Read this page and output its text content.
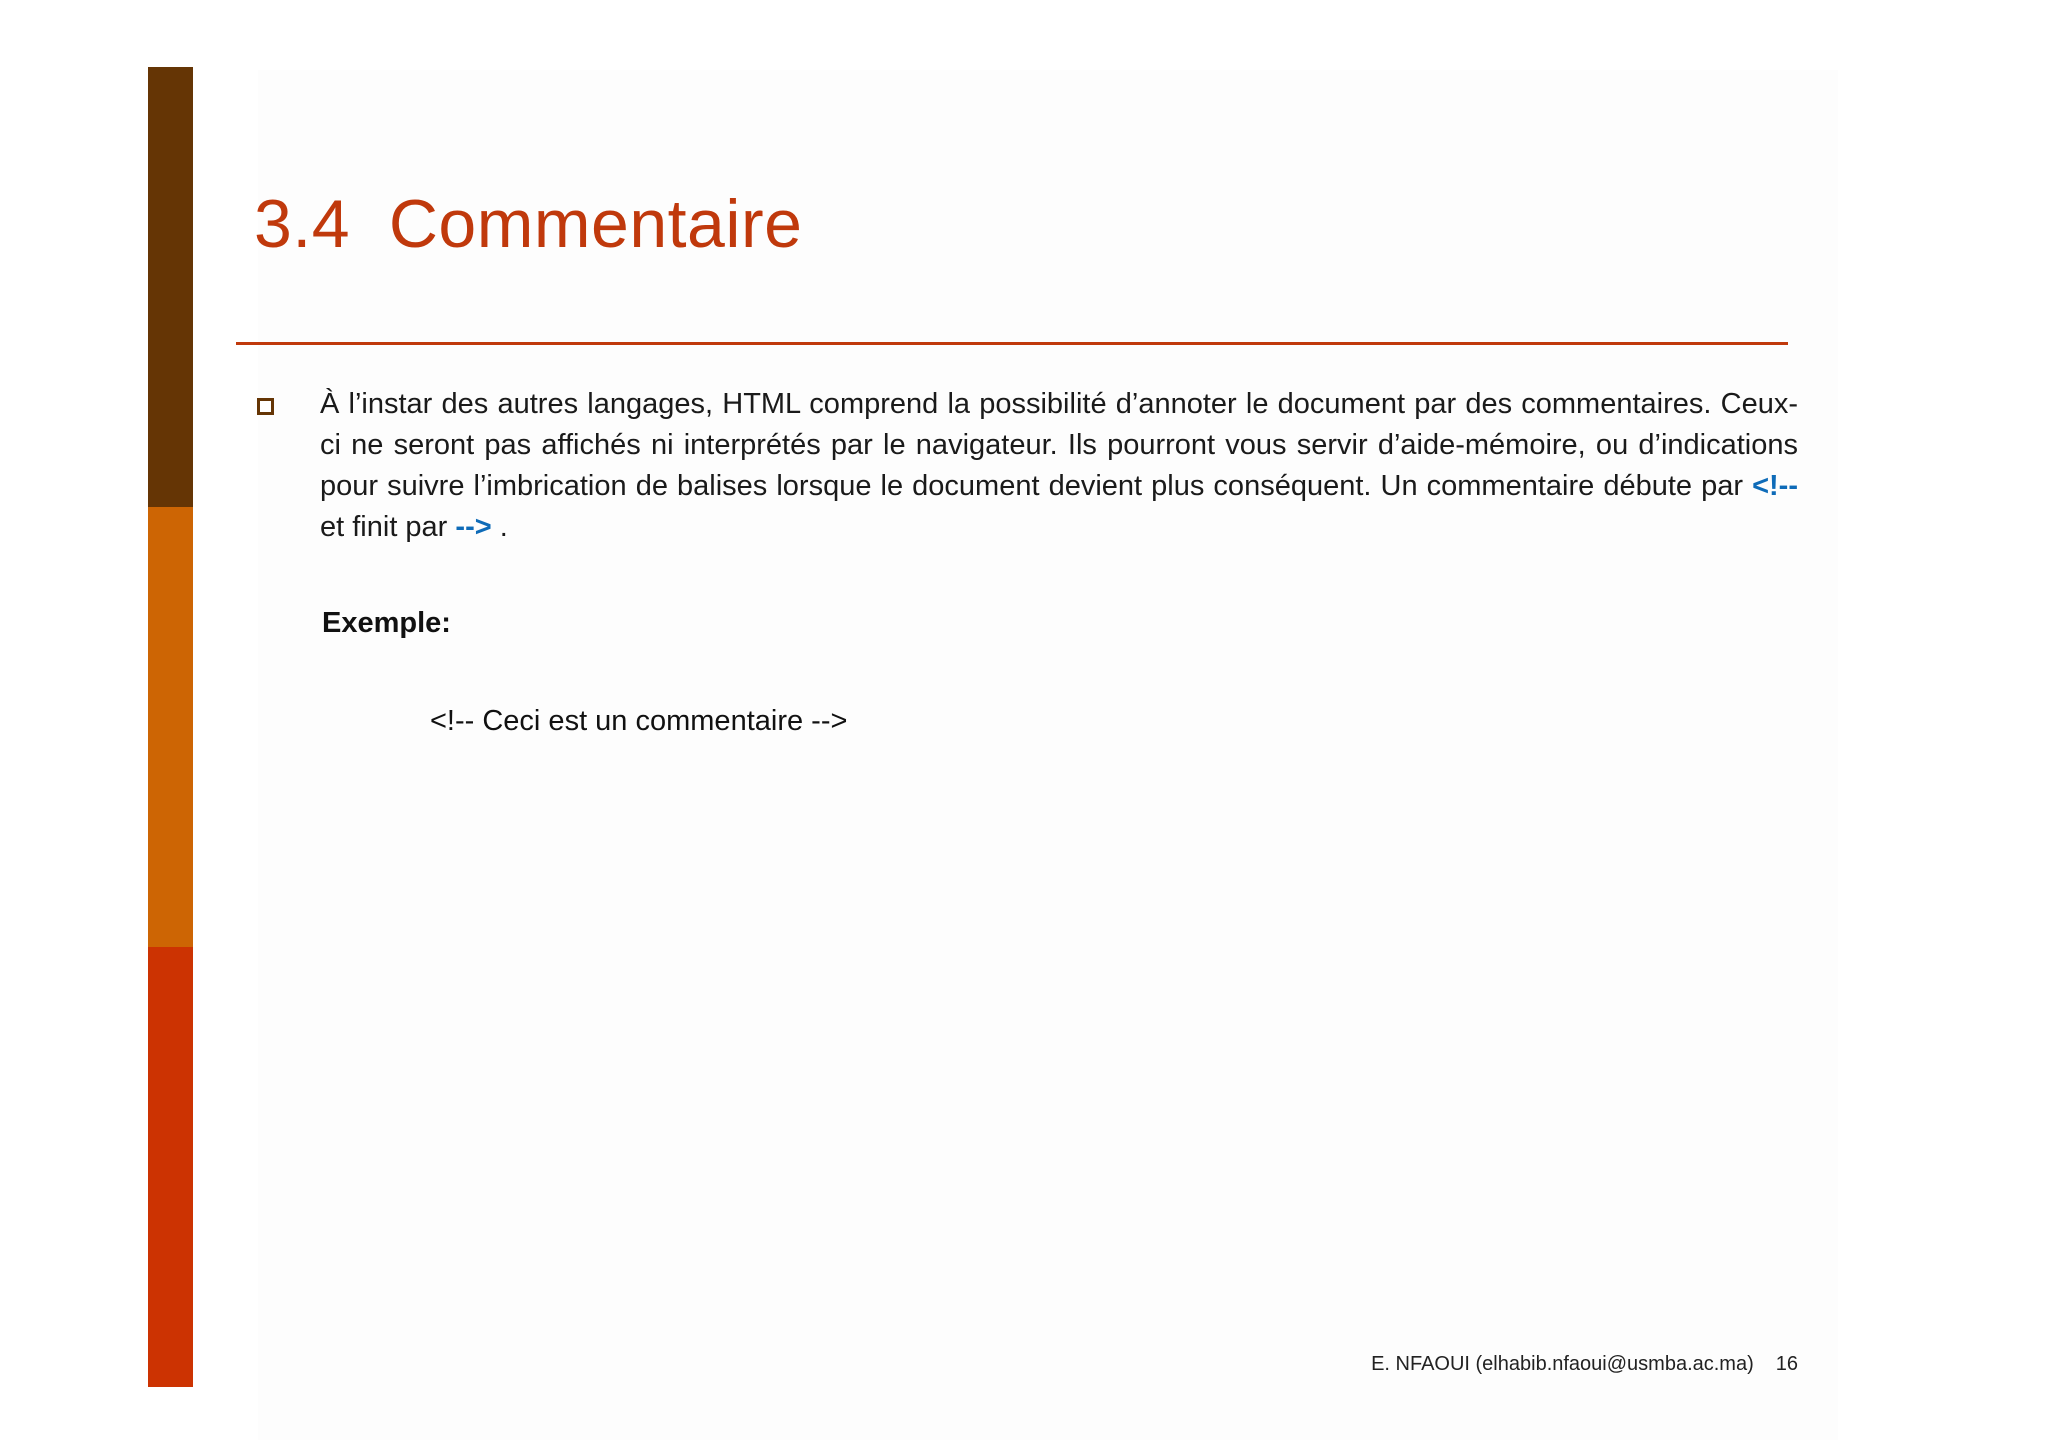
3.4  Commentaire

À l’instar des autres langages, HTML comprend la possibilité d’annoter le document par des commentaires. Ceux-ci ne seront pas affichés ni interprétés par le navigateur. Ils pourront vous servir d’aide-mémoire, ou d’indications pour suivre l’imbrication de balises lorsque le document devient plus conséquent. Un commentaire débute par <!-- et finit par --> .

Exemple:
<!-- Ceci est un commentaire -->
E. NFAOUI (elhabib.nfaoui@usmba.ac.ma) 16
